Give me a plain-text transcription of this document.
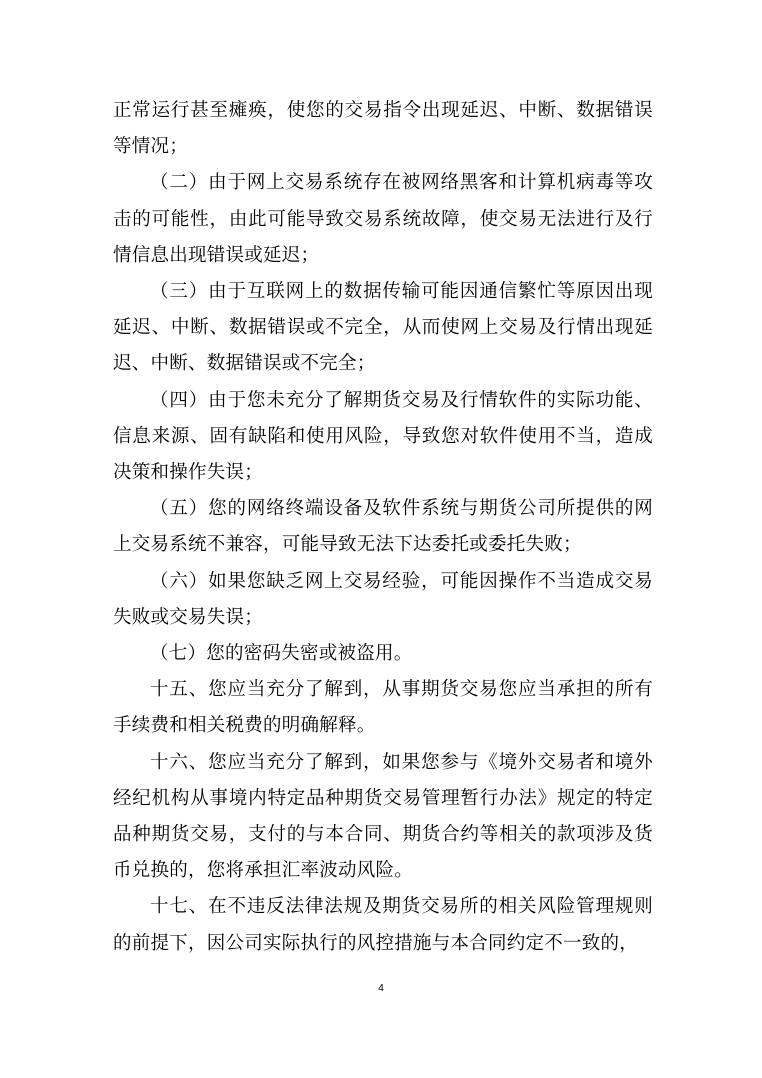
正常运行甚至瘫痪，使您的交易指令出现延迟、中断、数据错误等情况；

（二）由于网上交易系统存在被网络黑客和计算机病毒等攻击的可能性，由此可能导致交易系统故障，使交易无法进行及行情信息出现错误或延迟；

（三）由于互联网上的数据传输可能因通信繁忙等原因出现延迟、中断、数据错误或不完全，从而使网上交易及行情出现延迟、中断、数据错误或不完全；

（四）由于您未充分了解期货交易及行情软件的实际功能、信息来源、固有缺陷和使用风险，导致您对软件使用不当，造成决策和操作失误；

（五）您的网络终端设备及软件系统与期货公司所提供的网上交易系统不兼容，可能导致无法下达委托或委托失败；

（六）如果您缺乏网上交易经验，可能因操作不当造成交易失败或交易失误；

（七）您的密码失密或被盗用。

十五、您应当充分了解到，从事期货交易您应当承担的所有手续费和相关税费的明确解释。

十六、您应当充分了解到，如果您参与《境外交易者和境外经纪机构从事境内特定品种期货交易管理暂行办法》规定的特定品种期货交易，支付的与本合同、期货合约等相关的款项涉及货币兑换的，您将承担汇率波动风险。

十七、在不违反法律法规及期货交易所的相关风险管理规则的前提下，因公司实际执行的风控措施与本合同约定不一致的，

4
